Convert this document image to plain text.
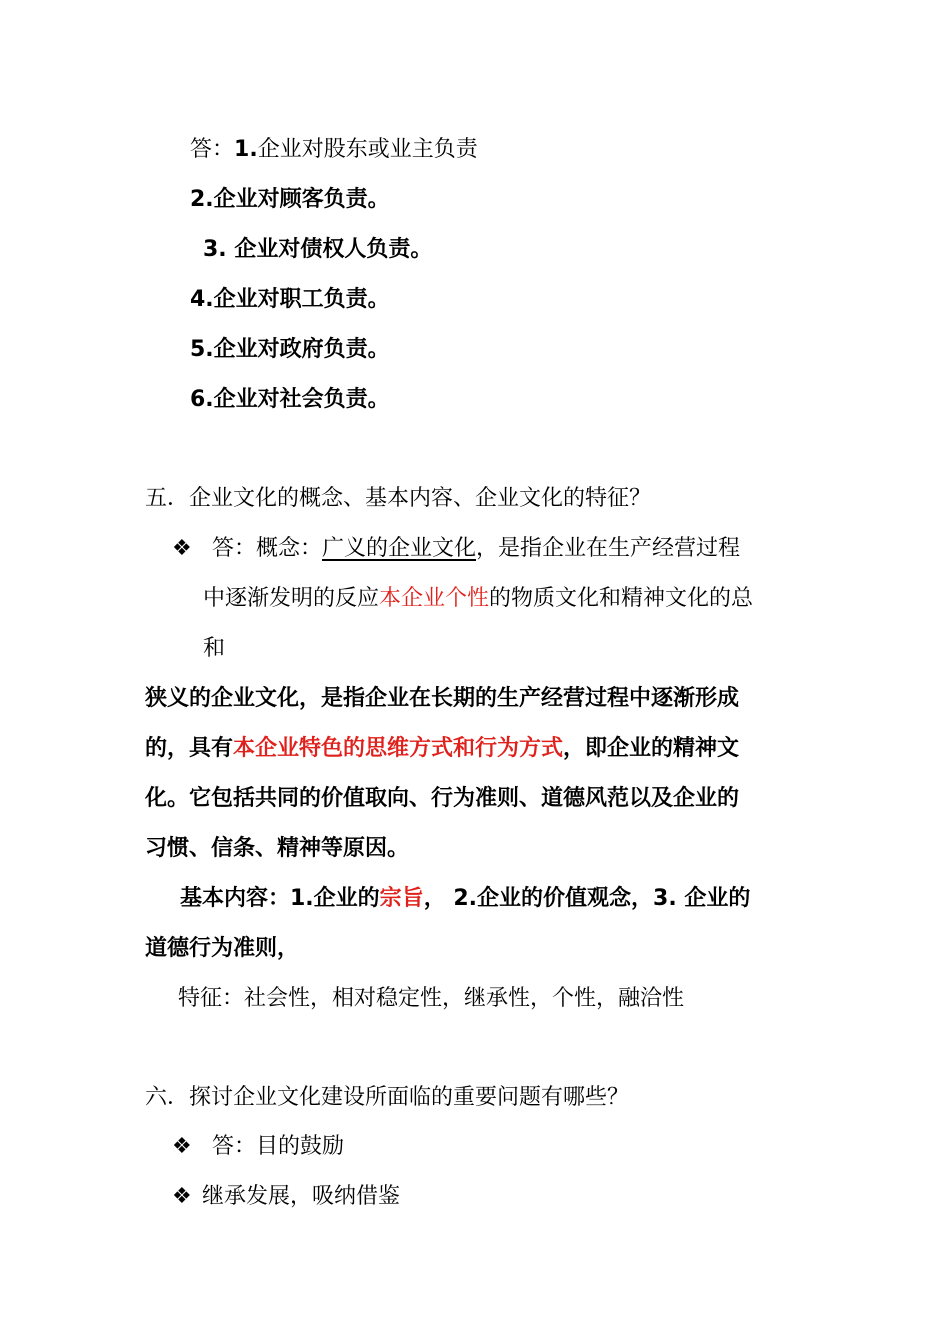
答：1.企业对股东或业主负责
2.企业对顾客负责。
3. 企业对债权人负责。
4.企业对职工负责。
5.企业对政府负责。
6.企业对社会负责。
五．企业文化的概念、基本内容、企业文化的特征？
❖ 答：概念：广义的企业文化，是指企业在生产经营过程
中逐渐发明的反应本企业个性的物质文化和精神文化的总
和
狭义的企业文化，是指企业在长期的生产经营过程中逐渐形成
的，具有本企业特色的思维方式和行为方式，即企业的精神文
化。它包括共同的价值取向、行为准则、道德风范以及企业的
习惯、信条、精神等原因。
基本内容：1.企业的宗旨， 2.企业的价值观念，3. 企业的
道德行为准则，
特征：社会性，相对稳定性，继承性，个性，融洽性
六．探讨企业文化建设所面临的重要问题有哪些？
❖ 答：目的鼓励
❖ 继承发展，吸纳借鉴
